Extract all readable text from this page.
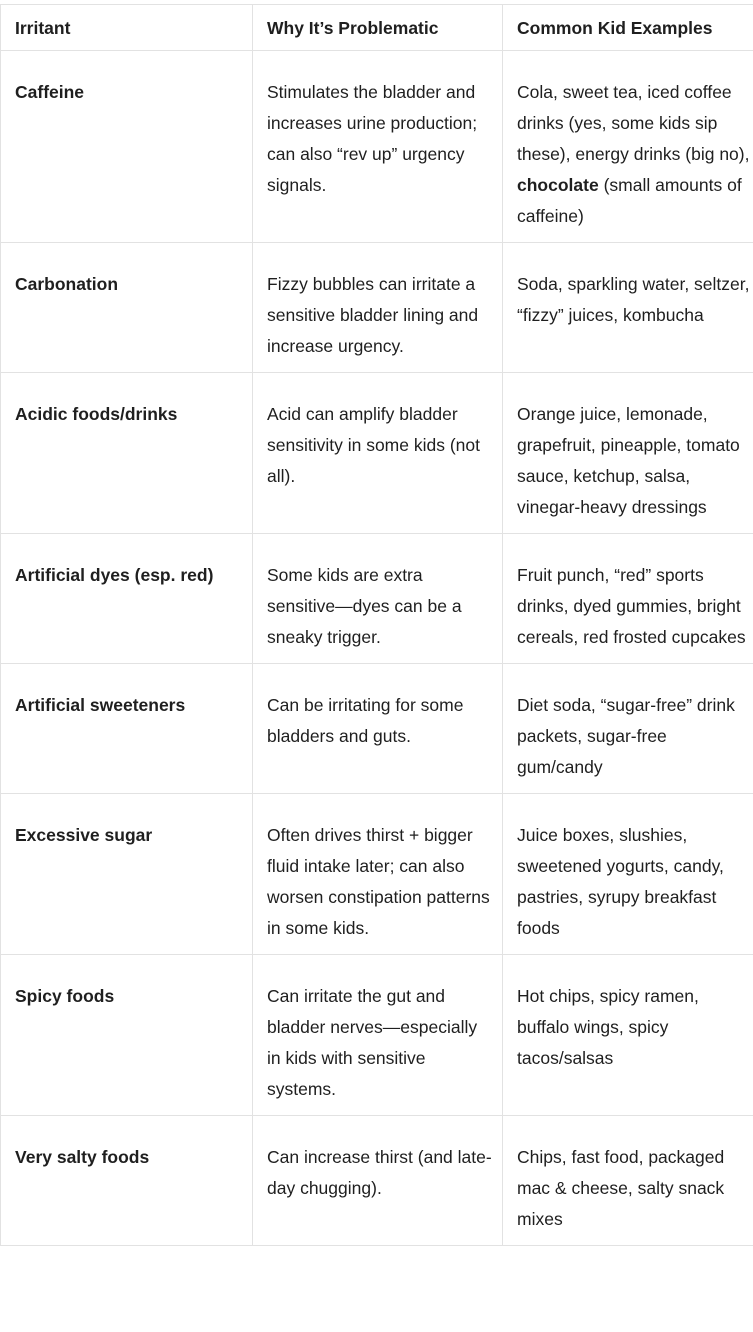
Irritant	Why It’s Problematic	Common Kid Examples
Caffeine	Stimulates the bladder and increases urine production; can also “rev up” urgency signals.	Cola, sweet tea, iced coffee drinks (yes, some kids sip these), energy drinks (big no), chocolate (small amounts of caffeine)
Carbonation	Fizzy bubbles can irritate a sensitive bladder lining and increase urgency.	Soda, sparkling water, seltzer, “fizzy” juices, kombucha
Acidic foods/drinks	Acid can amplify bladder sensitivity in some kids (not all).	Orange juice, lemonade, grapefruit, pineapple, tomato sauce, ketchup, salsa, vinegar-heavy dressings
Artificial dyes (esp. red)	Some kids are extra sensitive—dyes can be a sneaky trigger.	Fruit punch, “red” sports drinks, dyed gummies, bright cereals, red frosted cupcakes
Artificial sweeteners	Can be irritating for some bladders and guts.	Diet soda, “sugar-free” drink packets, sugar-free gum/candy
Excessive sugar	Often drives thirst + bigger fluid intake later; can also worsen constipation patterns in some kids.	Juice boxes, slushies, sweetened yogurts, candy, pastries, syrupy breakfast foods
Spicy foods	Can irritate the gut and bladder nerves—especially in kids with sensitive systems.	Hot chips, spicy ramen, buffalo wings, spicy tacos/salsas
Very salty foods	Can increase thirst (and late-day chugging).	Chips, fast food, packaged mac & cheese, salty snack mixes
